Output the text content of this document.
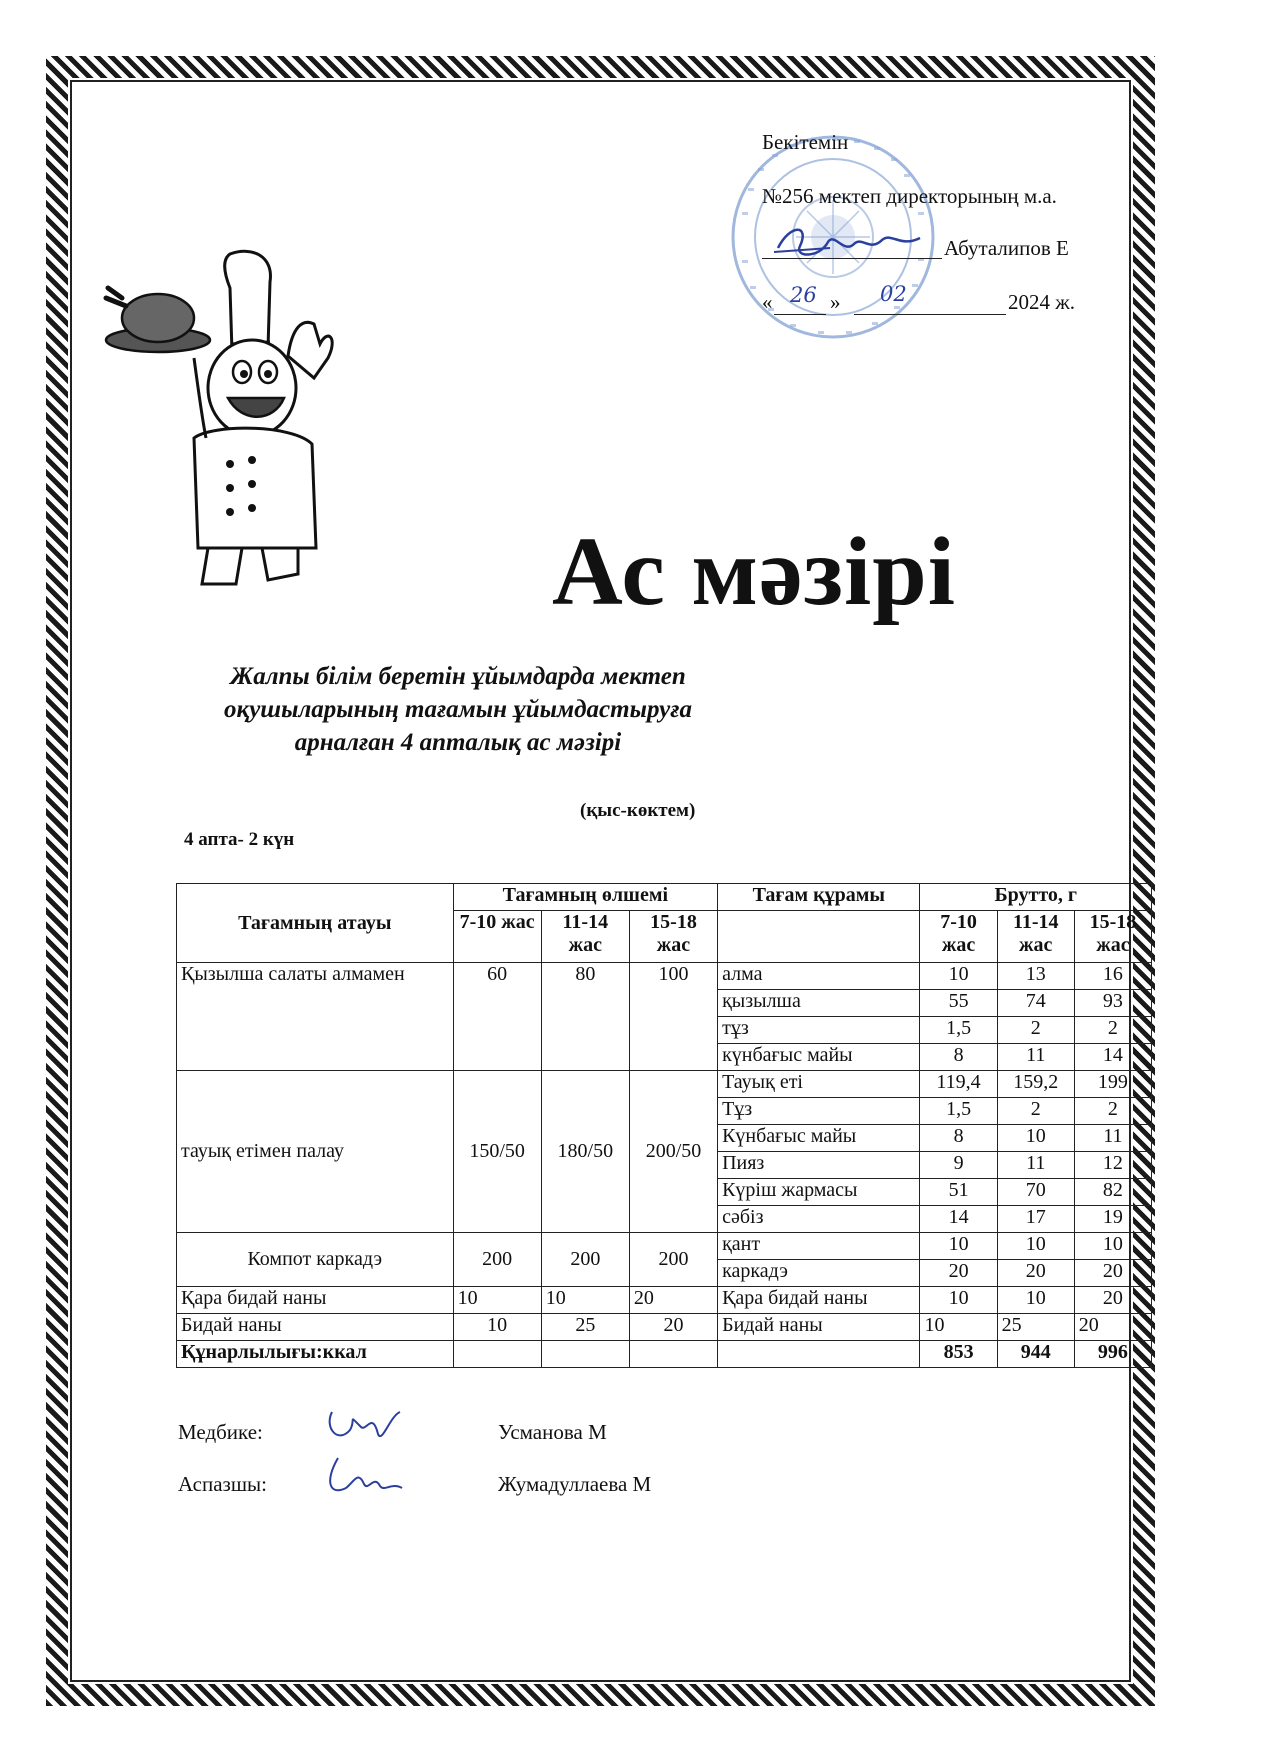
Бекітемін
№256 мектеп директорының м.а.
Абуталипов Е
« 26 » 02	2024 ж.
Ас мәзірі
Жалпы білім беретін ұйымдарда мектеп оқушыларының тағамын ұйымдастыруға арналған 4 апталық ас мәзірі
(қыс-көктем)
4 апта- 2 күн
Тағамның атауы	Тағамның өлшемі			Тағам құрамы	Брутто, г		
	7-10 жас	11-14 жас	15-18 жас		7-10 жас	11-14 жас	15-18 жас
Қызылша салаты алмамен	60	80	100	алма	10	13	16
				қызылша	55	74	93
				тұз	1,5	2	2
				күнбағыс майы	8	11	14
тауық етімен палау	150/50	180/50	200/50	Тауық еті	119,4	159,2	199
				Тұз	1,5	2	2
				Күнбағыс майы	8	10	11
				Пияз	9	11	12
				Күріш жармасы	51	70	82
				сәбіз	14	17	19
Компот каркадэ	200	200	200	қант	10	10	10
				каркадэ	20	20	20
Қара бидай наны	10	10	20	Қара бидай наны	10	10	20
Бидай наны	10	25	20	Бидай наны	10	25	20
Құнарлылығы:ккал					853	944	996
Медбике:	Усманова М
Аспазшы:	Жумадуллаева М
